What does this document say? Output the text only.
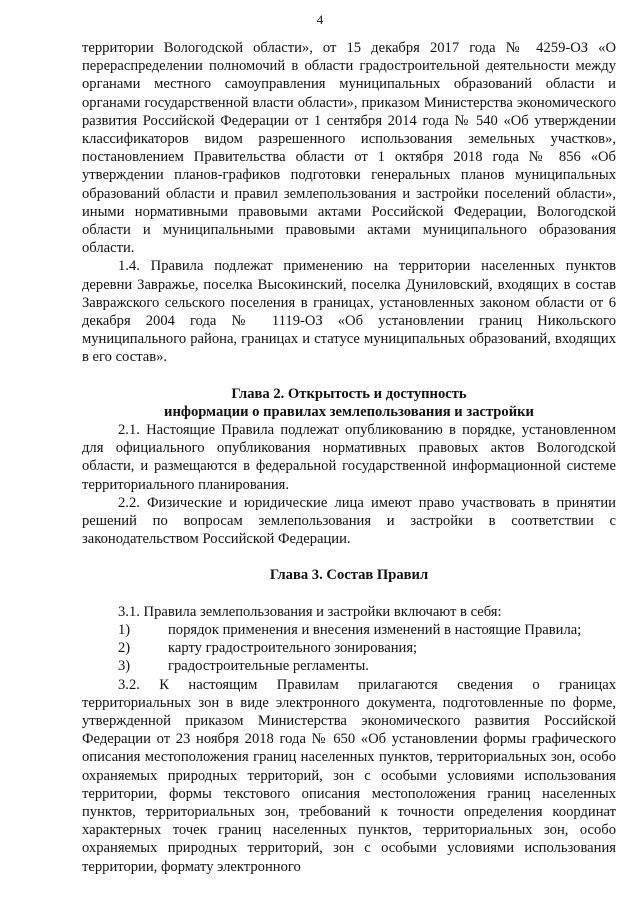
4

территории Вологодской области», от 15 декабря 2017 года № 4259-ОЗ «О перераспределении полномочий в области градостроительной деятельности между органами местного самоуправления муниципальных образований области и органами государственной власти области», приказом Министерства экономического развития Российской Федерации от 1 сентября 2014 года № 540 «Об утверждении классификаторов видом разрешенного использования земельных участков», постановлением Правительства области от 1 октября 2018 года № 856 «Об утверждении планов-графиков подготовки генеральных планов муниципальных образований области и правил землепользования и застройки поселений области», иными нормативными правовыми актами Российской Федерации, Вологодской области и муниципальными правовыми актами муниципального образования области.

1.4. Правила подлежат применению на территории населенных пунктов деревни Завражье, поселка Высокинский, поселка Дуниловский, входящих в состав Завражского сельского поселения в границах, установленных законом области от 6 декабря 2004 года № 1119-ОЗ «Об установлении границ Никольского муниципального района, границах и статусе муниципальных образований, входящих в его состав».

Глава 2. Открытость и доступность

информации о правилах землепользования и застройки

2.1. Настоящие Правила подлежат опубликованию в порядке, установленном для официального опубликования нормативных правовых актов Вологодской области, и размещаются в федеральной государственной информационной системе территориального планирования.

2.2. Физические и юридические лица имеют право участвовать в принятии решений по вопросам землепользования и застройки в соответствии с законодательством Российской Федерации.

Глава 3. Состав Правил

3.1. Правила землепользования и застройки включают в себя:

1)	порядок применения и внесения изменений в настоящие Правила;
2)	карту градостроительного зонирования;
3)	градостроительные регламенты.

3.2. К настоящим Правилам прилагаются сведения о границах территориальных зон в виде электронного документа, подготовленные по форме, утвержденной приказом Министерства экономического развития Российской Федерации от 23 ноября 2018 года № 650 «Об установлении формы графического описания местоположения границ населенных пунктов, территориальных зон, особо охраняемых природных территорий, зон с особыми условиями использования территории, формы текстового описания местоположения границ населенных пунктов, территориальных зон, требований к точности определения координат характерных точек границ населенных пунктов, территориальных зон, особо охраняемых природных территорий, зон с особыми условиями использования территории, формату электронного
